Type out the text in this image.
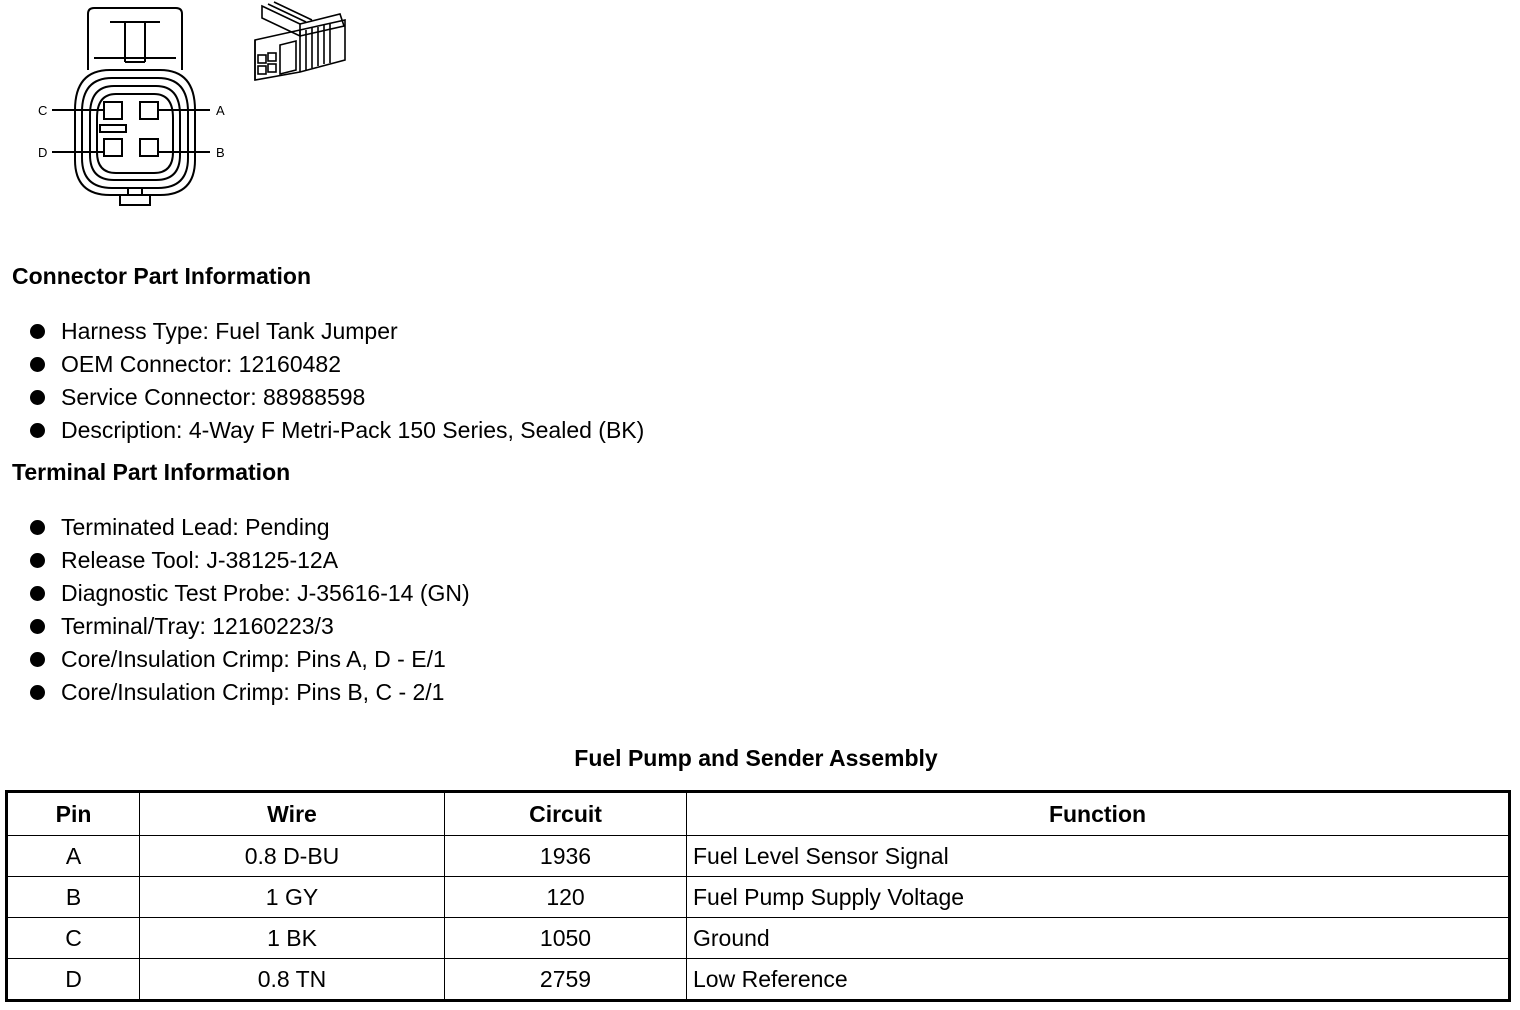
C	A
D	B
Connector Part Information
Harness Type: Fuel Tank Jumper
OEM Connector: 12160482
Service Connector: 88988598
Description: 4-Way F Metri-Pack 150 Series, Sealed (BK)
Terminal Part Information
Terminated Lead: Pending
Release Tool: J-38125-12A
Diagnostic Test Probe: J-35616-14 (GN)
Terminal/Tray: 12160223/3
Core/Insulation Crimp: Pins A, D - E/1
Core/Insulation Crimp: Pins B, C - 2/1
Fuel Pump and Sender Assembly
Pin	Wire	Circuit	Function
A	0.8 D-BU	1936	Fuel Level Sensor Signal
B	1 GY	120	Fuel Pump Supply Voltage
C	1 BK	1050	Ground
D	0.8 TN	2759	Low Reference
